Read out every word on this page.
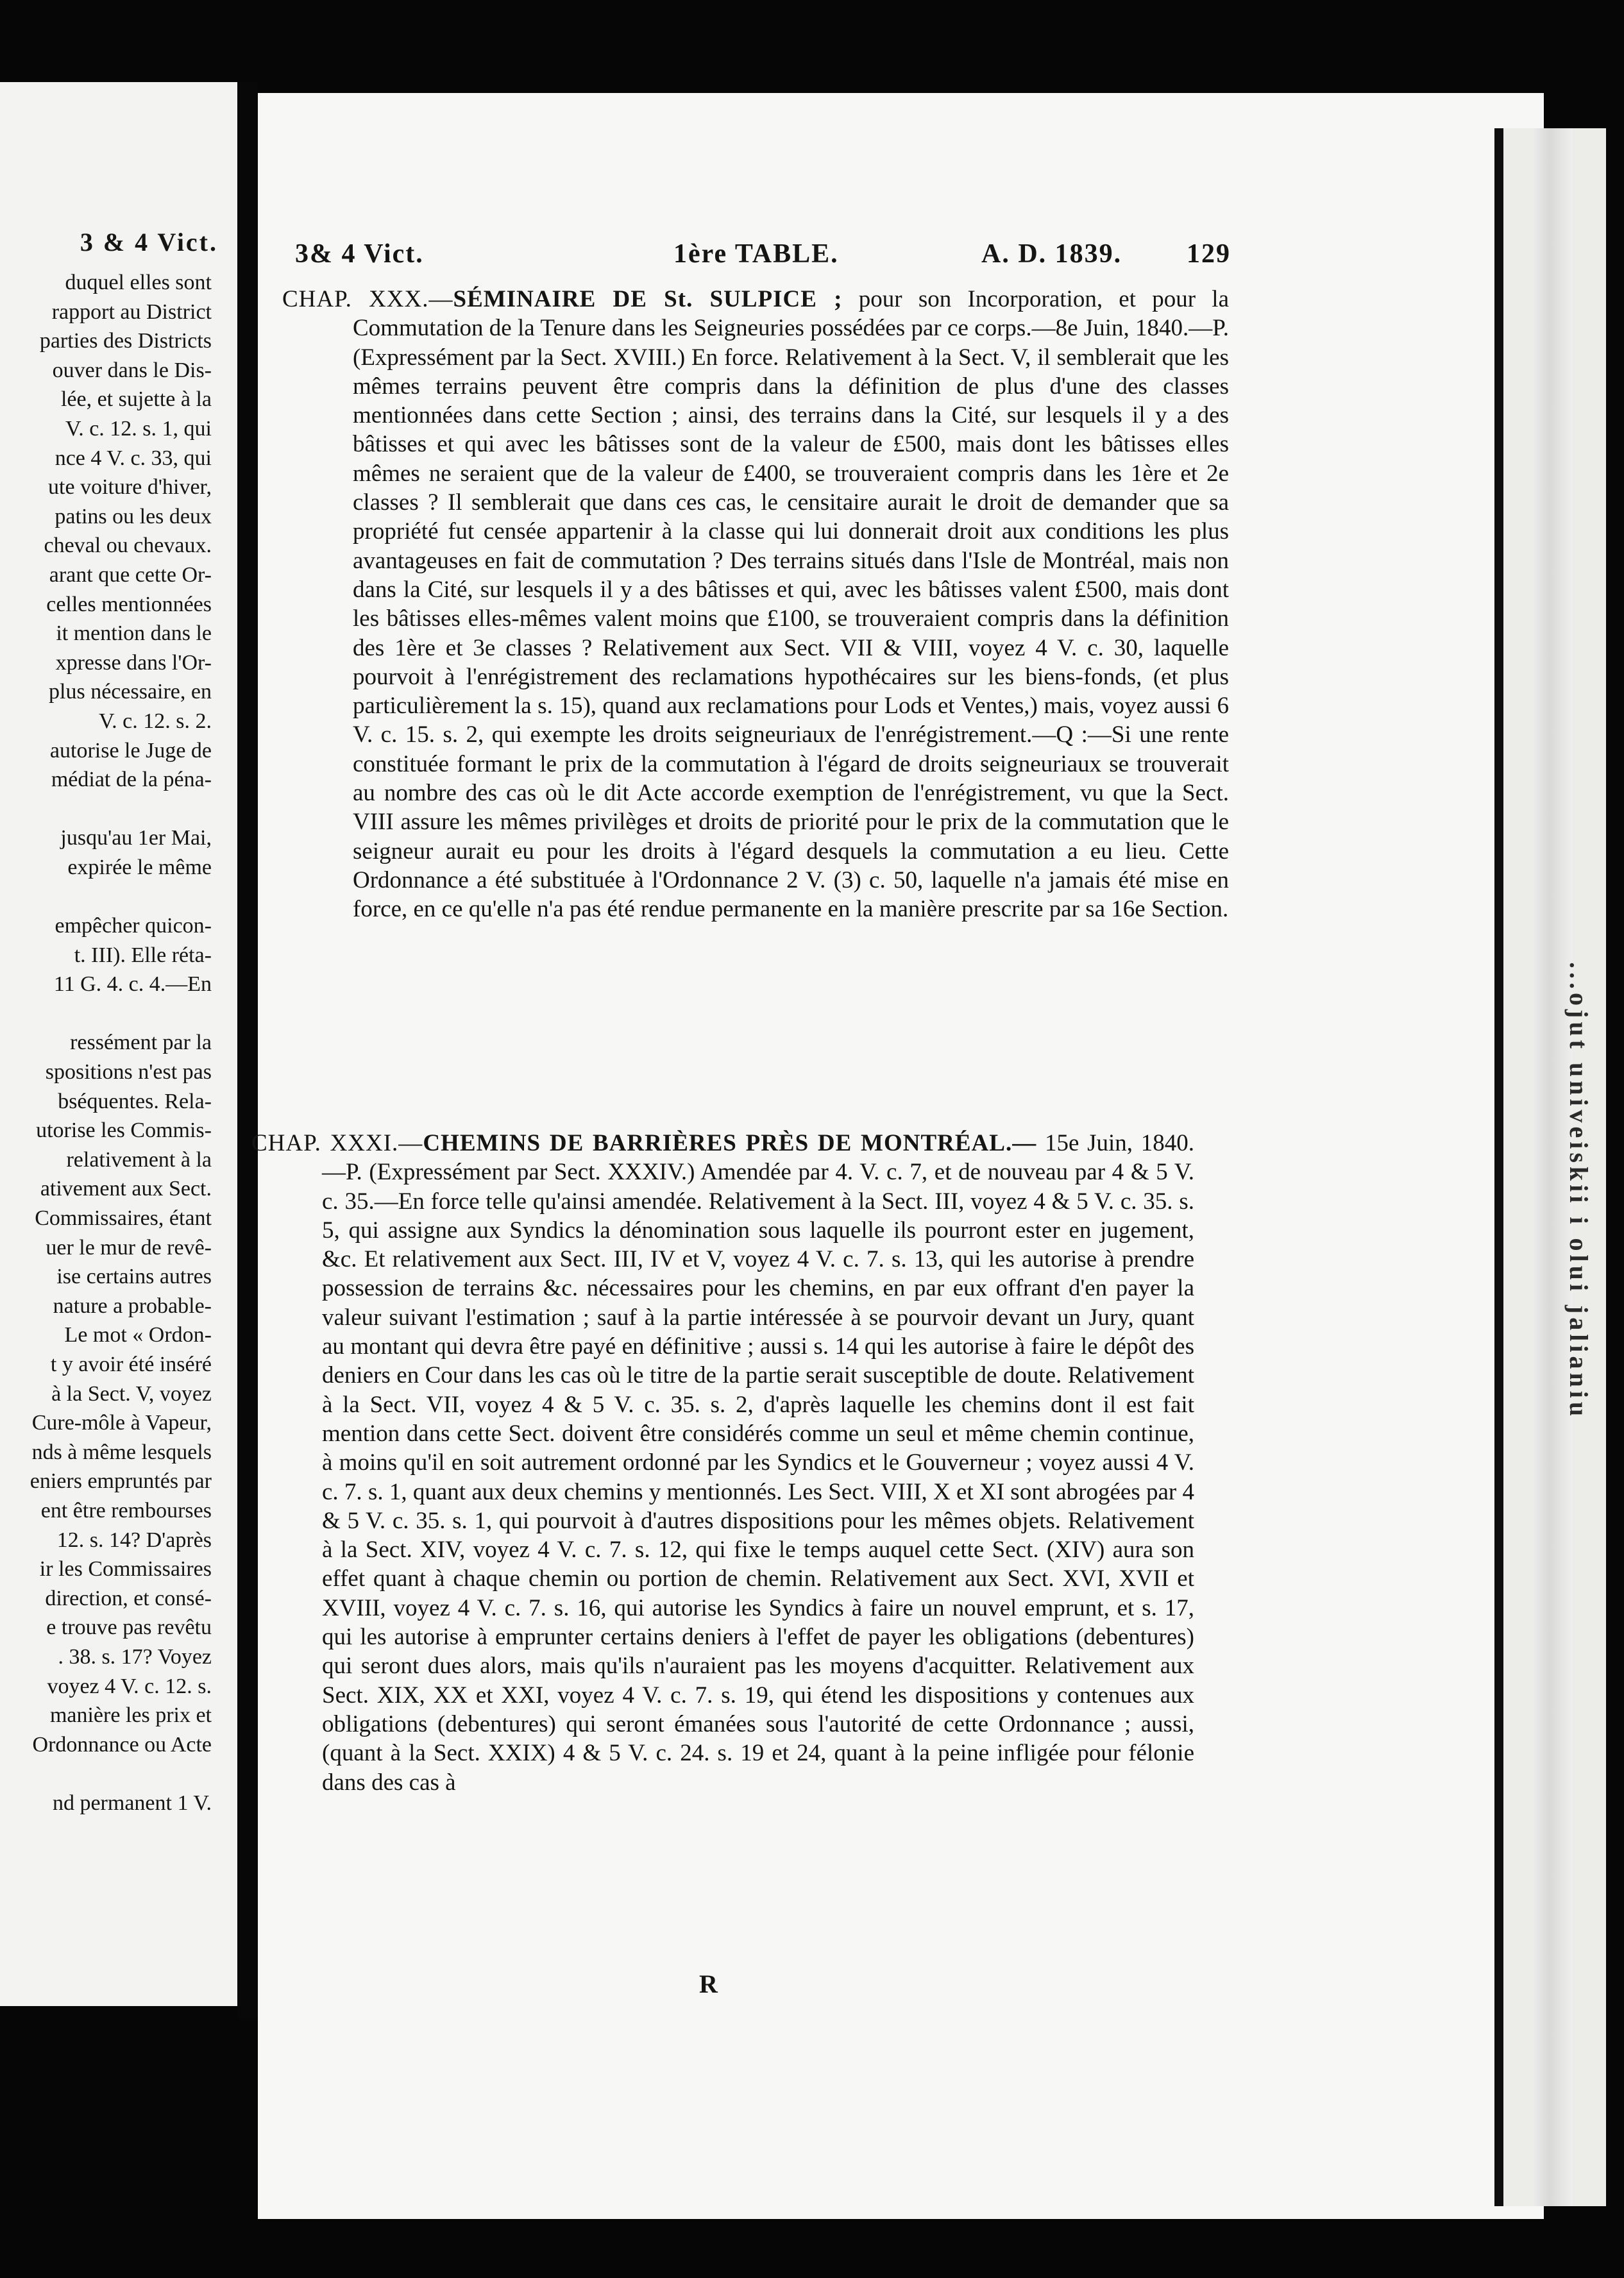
3 & 4 Vict.
duquel elles sont
rapport au District
parties des Districts
ouver dans le Dis-
lée, et sujette à la
V. c. 12. s. 1, qui
nce 4 V. c. 33, qui
ute voiture d'hiver,
patins ou les deux
cheval ou chevaux.
arant que cette Or-
celles mentionnées
it mention dans le
xpresse dans l'Or-
plus nécessaire, en
V. c. 12. s. 2.
autorise le Juge de
médiat de la péna-
jusqu'au 1er Mai,
expirée le même
empêcher quicon-
t. III). Elle réta-
11 G. 4. c. 4.—En
ressément par la
spositions n'est pas
bséquentes. Rela-
utorise les Commis-
relativement à la
ativement aux Sect.
Commissaires, étant
uer le mur de revê-
ise certains autres
nature a probable-
Le mot « Ordon-
t y avoir été inséré
à la Sect. V, voyez
Cure-môle à Vapeur,
nds à même lesquels
eniers empruntés par
ent être rembourses
12. s. 14? D'après
ir les Commissaires
direction, et consé-
e trouve pas revêtu
. 38. s. 17? Voyez
voyez 4 V. c. 12. s.
manière les prix et
Ordonnance ou Acte
nd permanent 1 V.
...ojut univeiskii i olui jalianiu
3& 4 Vict.	1ère TABLE.	A. D. 1839. 129

CHAP. XXX.—SÉMINAIRE DE St. SULPICE ; pour son Incorporation, et pour la Commutation de la Tenure dans les Seigneuries possédées par ce corps.—8e Juin, 1840.—P. (Expressément par la Sect. XVIII.) En force. Relativement à la Sect. V, il semblerait que les mêmes terrains peuvent être compris dans la définition de plus d'une des classes mentionnées dans cette Section ; ainsi, des terrains dans la Cité, sur lesquels il y a des bâtisses et qui avec les bâtisses sont de la valeur de £500, mais dont les bâtisses elles mêmes ne seraient que de la valeur de £400, se trouveraient compris dans les 1ère et 2e classes ? Il semblerait que dans ces cas, le censitaire aurait le droit de demander que sa propriété fut censée appartenir à la classe qui lui donnerait droit aux conditions les plus avantageuses en fait de commutation ? Des terrains situés dans l'Isle de Montréal, mais non dans la Cité, sur lesquels il y a des bâtisses et qui, avec les bâtisses valent £500, mais dont les bâtisses elles-mêmes valent moins que £100, se trouveraient compris dans la définition des 1ère et 3e classes ? Relativement aux Sect. VII & VIII, voyez 4 V. c. 30, laquelle pourvoit à l'enrégistrement des reclamations hypothécaires sur les biens-fonds, (et plus particulièrement la s. 15), quand aux reclamations pour Lods et Ventes,) mais, voyez aussi 6 V. c. 15. s. 2, qui exempte les droits seigneuriaux de l'enrégistrement.—Q :—Si une rente constituée formant le prix de la commutation à l'égard de droits seigneuriaux se trouverait au nombre des cas où le dit Acte accorde exemption de l'enrégistrement, vu que la Sect. VIII assure les mêmes privilèges et droits de priorité pour le prix de la commutation que le seigneur aurait eu pour les droits à l'égard desquels la commutation a eu lieu. Cette Ordonnance a été substituée à l'Ordonnance 2 V. (3) c. 50, laquelle n'a jamais été mise en force, en ce qu'elle n'a pas été rendue permanente en la manière prescrite par sa 16e Section.

CHAP. XXXI.—CHEMINS DE BARRIÈRES PRÈS DE MONTRÉAL.— 15e Juin, 1840.—P. (Expressément par Sect. XXXIV.) Amendée par 4. V. c. 7, et de nouveau par 4 & 5 V. c. 35.—En force telle qu'ainsi amendée. Relativement à la Sect. III, voyez 4 & 5 V. c. 35. s. 5, qui assigne aux Syndics la dénomination sous laquelle ils pourront ester en jugement, &c. Et relativement aux Sect. III, IV et V, voyez 4 V. c. 7. s. 13, qui les autorise à prendre possession de terrains &c. nécessaires pour les chemins, en par eux offrant d'en payer la valeur suivant l'estimation ; sauf à la partie intéressée à se pourvoir devant un Jury, quant au montant qui devra être payé en définitive ; aussi s. 14 qui les autorise à faire le dépôt des deniers en Cour dans les cas où le titre de la partie serait susceptible de doute. Relativement à la Sect. VII, voyez 4 & 5 V. c. 35. s. 2, d'après laquelle les chemins dont il est fait mention dans cette Sect. doivent être considérés comme un seul et même chemin continue, à moins qu'il en soit autrement ordonné par les Syndics et le Gouverneur ; voyez aussi 4 V. c. 7. s. 1, quant aux deux chemins y mentionnés. Les Sect. VIII, X et XI sont abrogées par 4 & 5 V. c. 35. s. 1, qui pourvoit à d'autres dispositions pour les mêmes objets. Relativement à la Sect. XIV, voyez 4 V. c. 7. s. 12, qui fixe le temps auquel cette Sect. (XIV) aura son effet quant à chaque chemin ou portion de chemin. Relativement aux Sect. XVI, XVII et XVIII, voyez 4 V. c. 7. s. 16, qui autorise les Syndics à faire un nouvel emprunt, et s. 17, qui les autorise à emprunter certains deniers à l'effet de payer les obligations (debentures) qui seront dues alors, mais qu'ils n'auraient pas les moyens d'acquitter. Relativement aux Sect. XIX, XX et XXI, voyez 4 V. c. 7. s. 19, qui étend les dispositions y contenues aux obligations (debentures) qui seront émanées sous l'autorité de cette Ordonnance ; aussi, (quant à la Sect. XXIX) 4 & 5 V. c. 24. s. 19 et 24, quant à la peine infligée pour félonie dans des cas à

R
